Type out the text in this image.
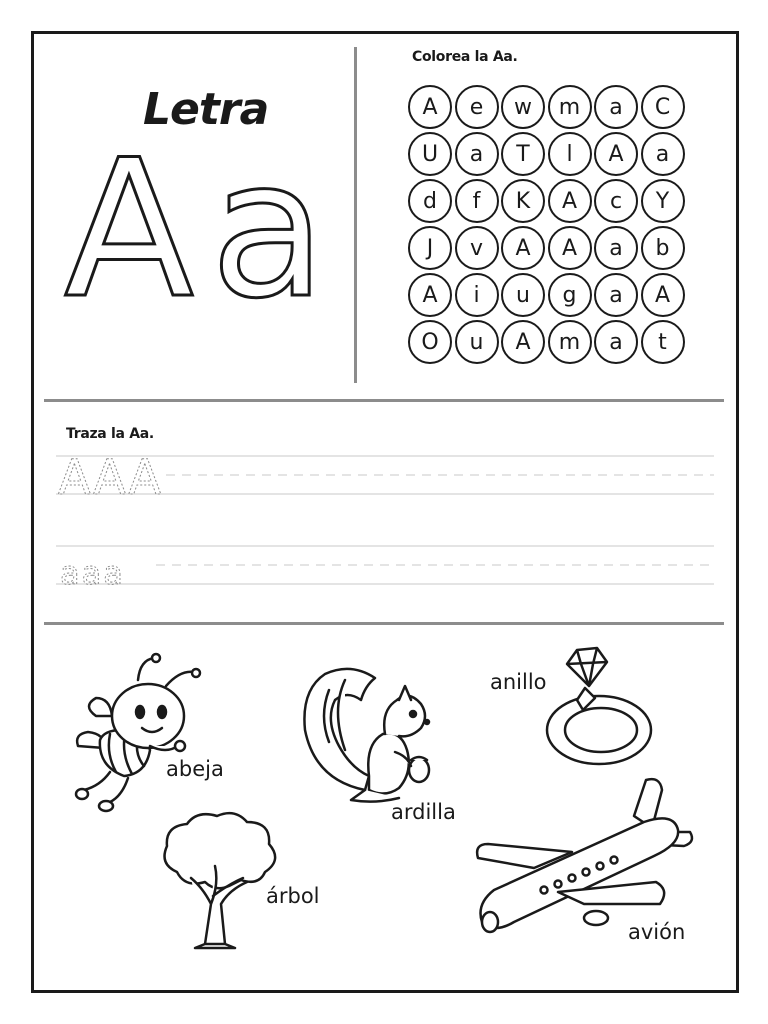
Letra
A a
Colorea la Aa.
A	e	w	m	a	C
U	a	T	l	A	a
d	f	K	A	c	Y
J	v	A	A	a	b
A	i	u	g	a	A
O	u	A	m	a	t
Traza la Aa.
AAA
aaa
abeja
ardilla
anillo
árbol
avión
